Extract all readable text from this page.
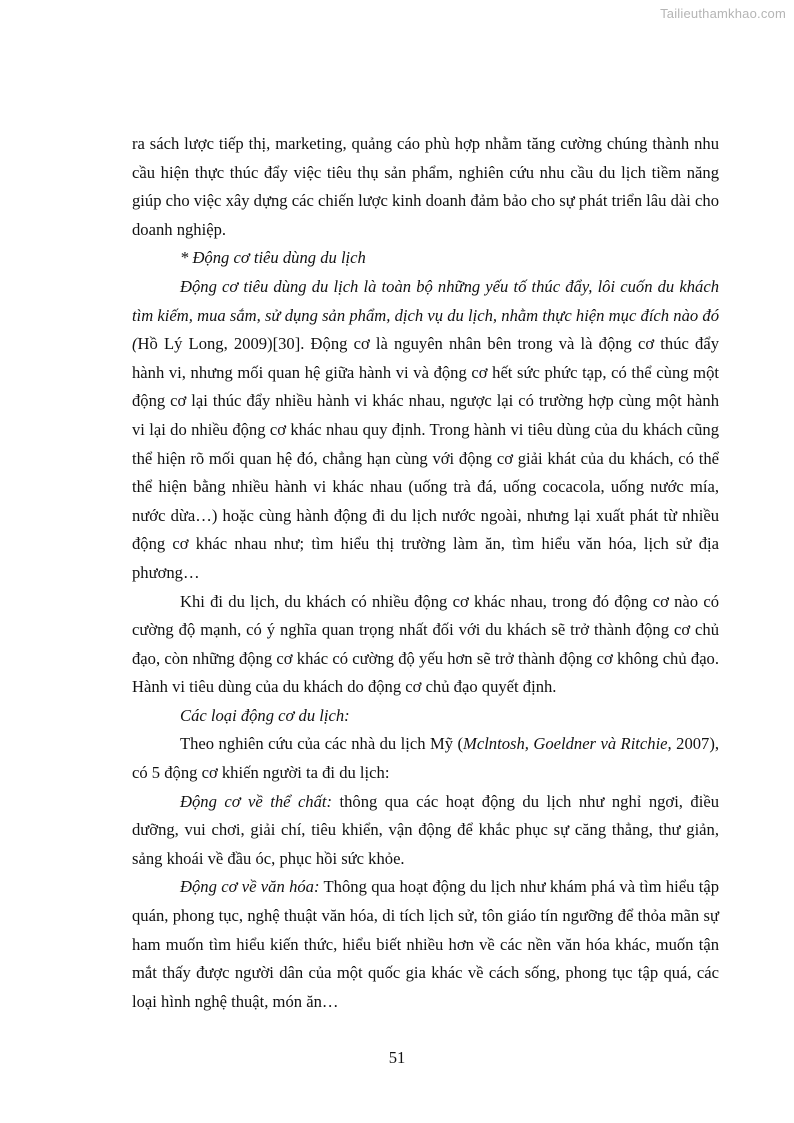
Tailieuthamkhao.com

ra sách lược tiếp thị, marketing, quảng cáo phù hợp nhằm tăng cường chúng thành nhu cầu hiện thực thúc đẩy việc tiêu thụ sản phẩm, nghiên cứu nhu cầu du lịch tiềm năng giúp cho việc xây dựng các chiến lược kinh doanh đảm bảo cho sự phát triển lâu dài cho doanh nghiệp.

* Động cơ tiêu dùng du lịch

Động cơ tiêu dùng du lịch là toàn bộ những yếu tố thúc đẩy, lôi cuốn du khách tìm kiếm, mua sắm, sử dụng sản phẩm, dịch vụ du lịch, nhằm thực hiện mục đích nào đó (Hồ Lý Long, 2009)[30]. Động cơ là nguyên nhân bên trong và là động cơ thúc đẩy hành vi, nhưng mối quan hệ giữa hành vi và động cơ hết sức phức tạp, có thể cùng một động cơ lại thúc đẩy nhiều hành vi khác nhau, ngược lại có trường hợp cùng một hành vi lại do nhiều động cơ khác nhau quy định. Trong hành vi tiêu dùng của du khách cũng thể hiện rõ mối quan hệ đó, chẳng hạn cùng với động cơ giải khát của du khách, có thể thể hiện bằng nhiều hành vi khác nhau (uống trà đá, uống cocacola, uống nước mía, nước dừa…) hoặc cùng hành động đi du lịch nước ngoài, nhưng lại xuất phát từ nhiều động cơ khác nhau như; tìm hiểu thị trường làm ăn, tìm hiểu văn hóa, lịch sử địa phương…

Khi đi du lịch, du khách có nhiều động cơ khác nhau, trong đó động cơ nào có cường độ mạnh, có ý nghĩa quan trọng nhất đối với du khách sẽ trở thành động cơ chủ đạo, còn những động cơ khác có cường độ yếu hơn sẽ trở thành động cơ không chủ đạo. Hành vi tiêu dùng của du khách do động cơ chủ đạo quyết định.

Các loại động cơ du lịch:

Theo nghiên cứu của các nhà du lịch Mỹ (Mclntosh, Goeldner và Ritchie, 2007), có 5 động cơ khiến người ta đi du lịch:

Động cơ về thể chất: thông qua các hoạt động du lịch như nghỉ ngơi, điều dưỡng, vui chơi, giải chí, tiêu khiển, vận động để khắc phục sự căng thẳng, thư giản, sảng khoái về đầu óc, phục hồi sức khỏe.

Động cơ về văn hóa: Thông qua hoạt động du lịch như khám phá và tìm hiểu tập quán, phong tục, nghệ thuật văn hóa, di tích lịch sử, tôn giáo tín ngưỡng để thỏa mãn sự ham muốn tìm hiểu kiến thức, hiểu biết nhiều hơn về các nền văn hóa khác, muốn tận mắt thấy được người dân của một quốc gia khác về cách sống, phong tục tập quá, các loại hình nghệ thuật, món ăn…

51
